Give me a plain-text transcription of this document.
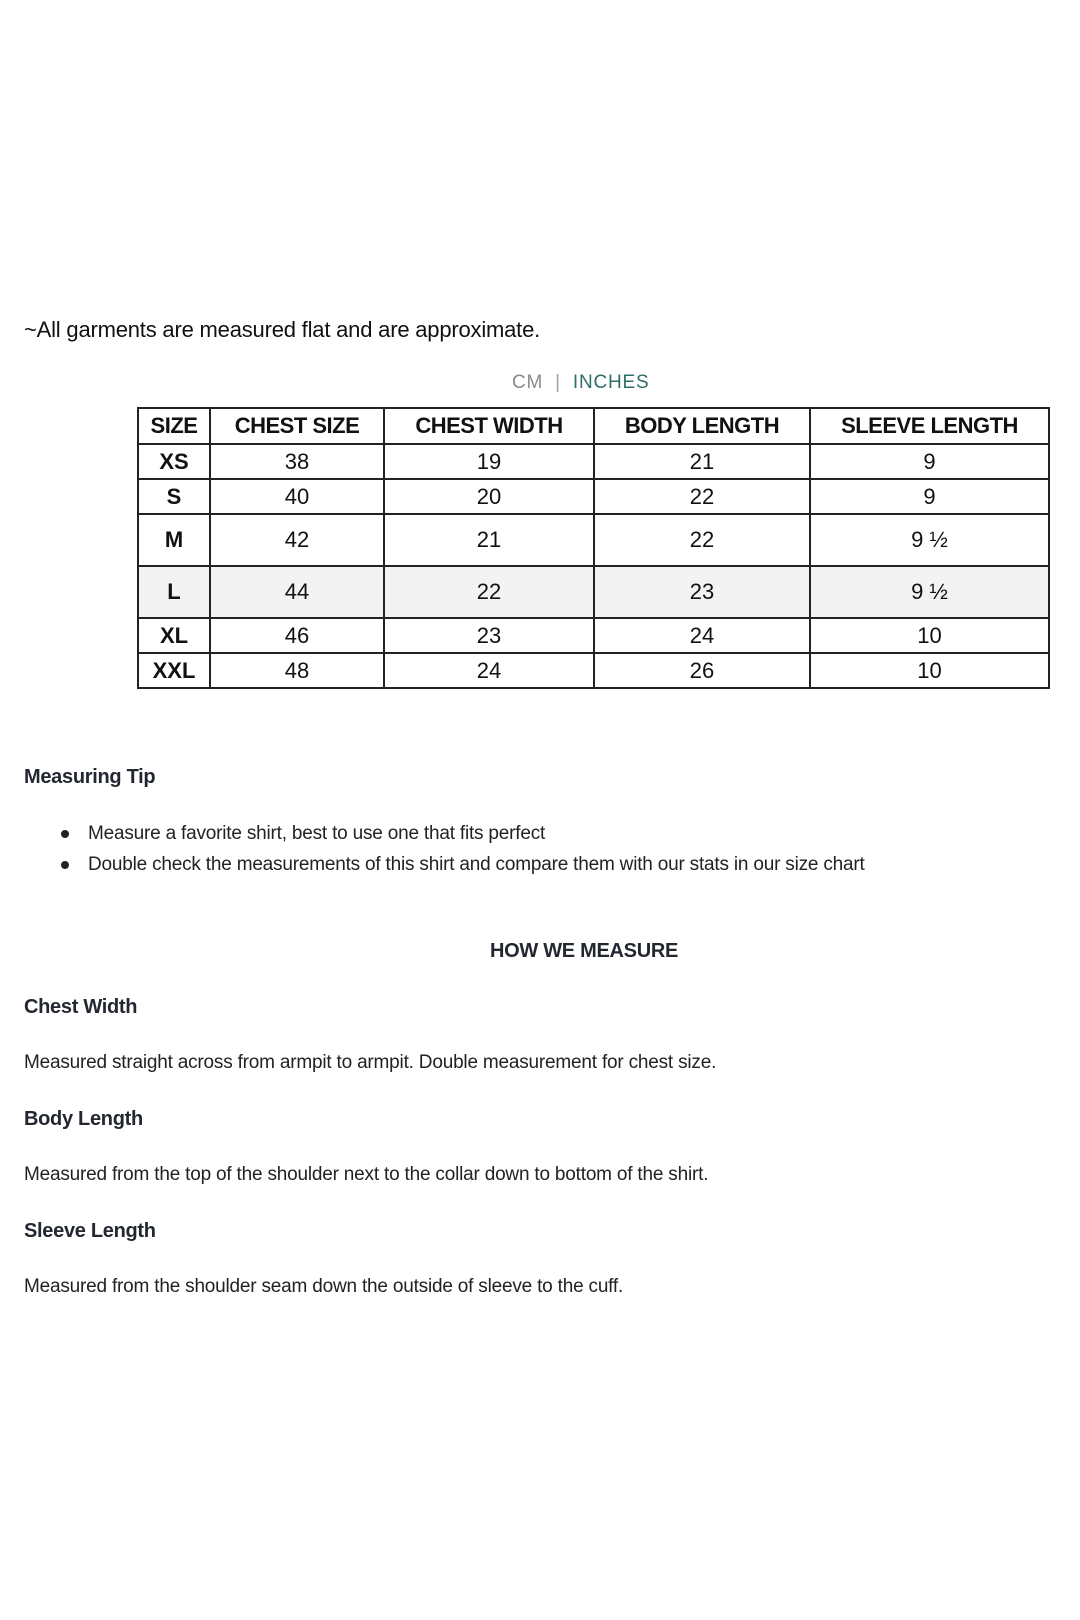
~All garments are measured flat and are approximate.
CM | INCHES
SIZE	CHEST SIZE	CHEST WIDTH	BODY LENGTH	SLEEVE LENGTH
XS	38	19	21	9
S	40	20	22	9
M	42	21	22	9 ½
L	44	22	23	9 ½
XL	46	23	24	10
XXL	48	24	26	10
Measuring Tip
Measure a favorite shirt, best to use one that fits perfect
Double check the measurements of this shirt and compare them with our stats in our size chart
HOW WE MEASURE
Chest Width
Measured straight across from armpit to armpit. Double measurement for chest size.
Body Length
Measured from the top of the shoulder next to the collar down to bottom of the shirt.
Sleeve Length
Measured from the shoulder seam down the outside of sleeve to the cuff.
